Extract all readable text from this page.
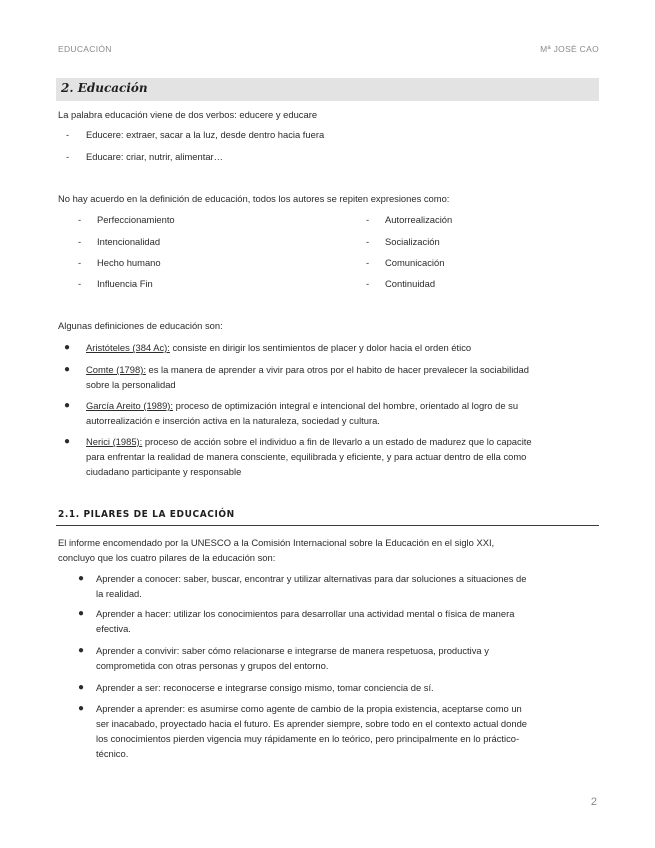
EDUCACIÓN	Mª JOSÉ CAO
2. Educación
La palabra educación viene de dos verbos: educere y educare
- Educere: extraer, sacar a la luz, desde dentro hacia fuera
- Educare: criar, nutrir, alimentar…
No hay acuerdo en la definición de educación, todos los autores se repiten expresiones como:
- Perfeccionamiento
- Intencionalidad
- Hecho humano
- Influencia Fin
- Autorrealización
- Socialización
- Comunicación
- Continuidad
Algunas definiciones de educación son:
● Aristóteles (384 Ac): consiste en dirigir los sentimientos de placer y dolor hacia el orden ético
● Comte (1798): es la manera de aprender a vivir para otros por el habito de hacer prevalecer la sociabilidad
sobre la personalidad
● García Areito (1989): proceso de optimización integral e intencional del hombre, orientado al logro de su
autorrealización e inserción activa en la naturaleza, sociedad y cultura.
● Nerici (1985): proceso de acción sobre el individuo a fin de llevarlo a un estado de madurez que lo capacite
para enfrentar la realidad de manera consciente, equilibrada y eficiente, y para actuar dentro de ella como
ciudadano participante y responsable
2.1. PILARES DE LA EDUCACIÓN
El informe encomendado por la UNESCO a la Comisión Internacional sobre la Educación en el siglo XXI,
concluyo que los cuatro pilares de la educación son:
● Aprender a conocer: saber, buscar, encontrar y utilizar alternativas para dar soluciones a situaciones de
la realidad.
● Aprender a hacer: utilizar los conocimientos para desarrollar una actividad mental o física de manera
efectiva.
● Aprender a convivir: saber cómo relacionarse e integrarse de manera respetuosa, productiva y
comprometida con otras personas y grupos del entorno.
● Aprender a ser: reconocerse e integrarse consigo mismo, tomar conciencia de sí.
● Aprender a aprender: es asumirse como agente de cambio de la propia existencia, aceptarse como un
ser inacabado, proyectado hacia el futuro. Es aprender siempre, sobre todo en el contexto actual donde
los conocimientos pierden vigencia muy rápidamente en lo teórico, pero principalmente en lo práctico-
técnico.
2
